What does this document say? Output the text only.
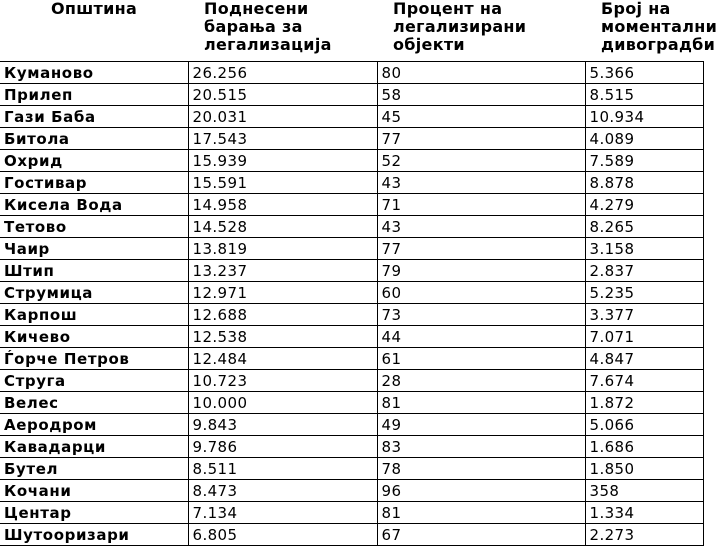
Општина	Поднесени барања за легализација	Процент на легализирани објекти	Број на моментални дивоградби

Куманово	26.256	80	5.366
Прилеп	20.515	58	8.515
Гази Баба	20.031	45	10.934
Битола	17.543	77	4.089
Охрид	15.939	52	7.589
Гостивар	15.591	43	8.878
Кисела Вода	14.958	71	4.279
Тетово	14.528	43	8.265
Чаир	13.819	77	3.158
Штип	13.237	79	2.837
Струмица	12.971	60	5.235
Карпош	12.688	73	3.377
Кичево	12.538	44	7.071
Ѓорче Петров	12.484	61	4.847
Струга	10.723	28	7.674
Велес	10.000	81	1.872
Аеродром	9.843	49	5.066
Кавадарци	9.786	83	1.686
Бутел	8.511	78	1.850
Кочани	8.473	96	358
Центар	7.134	81	1.334
Шутооризари	6.805	67	2.273
